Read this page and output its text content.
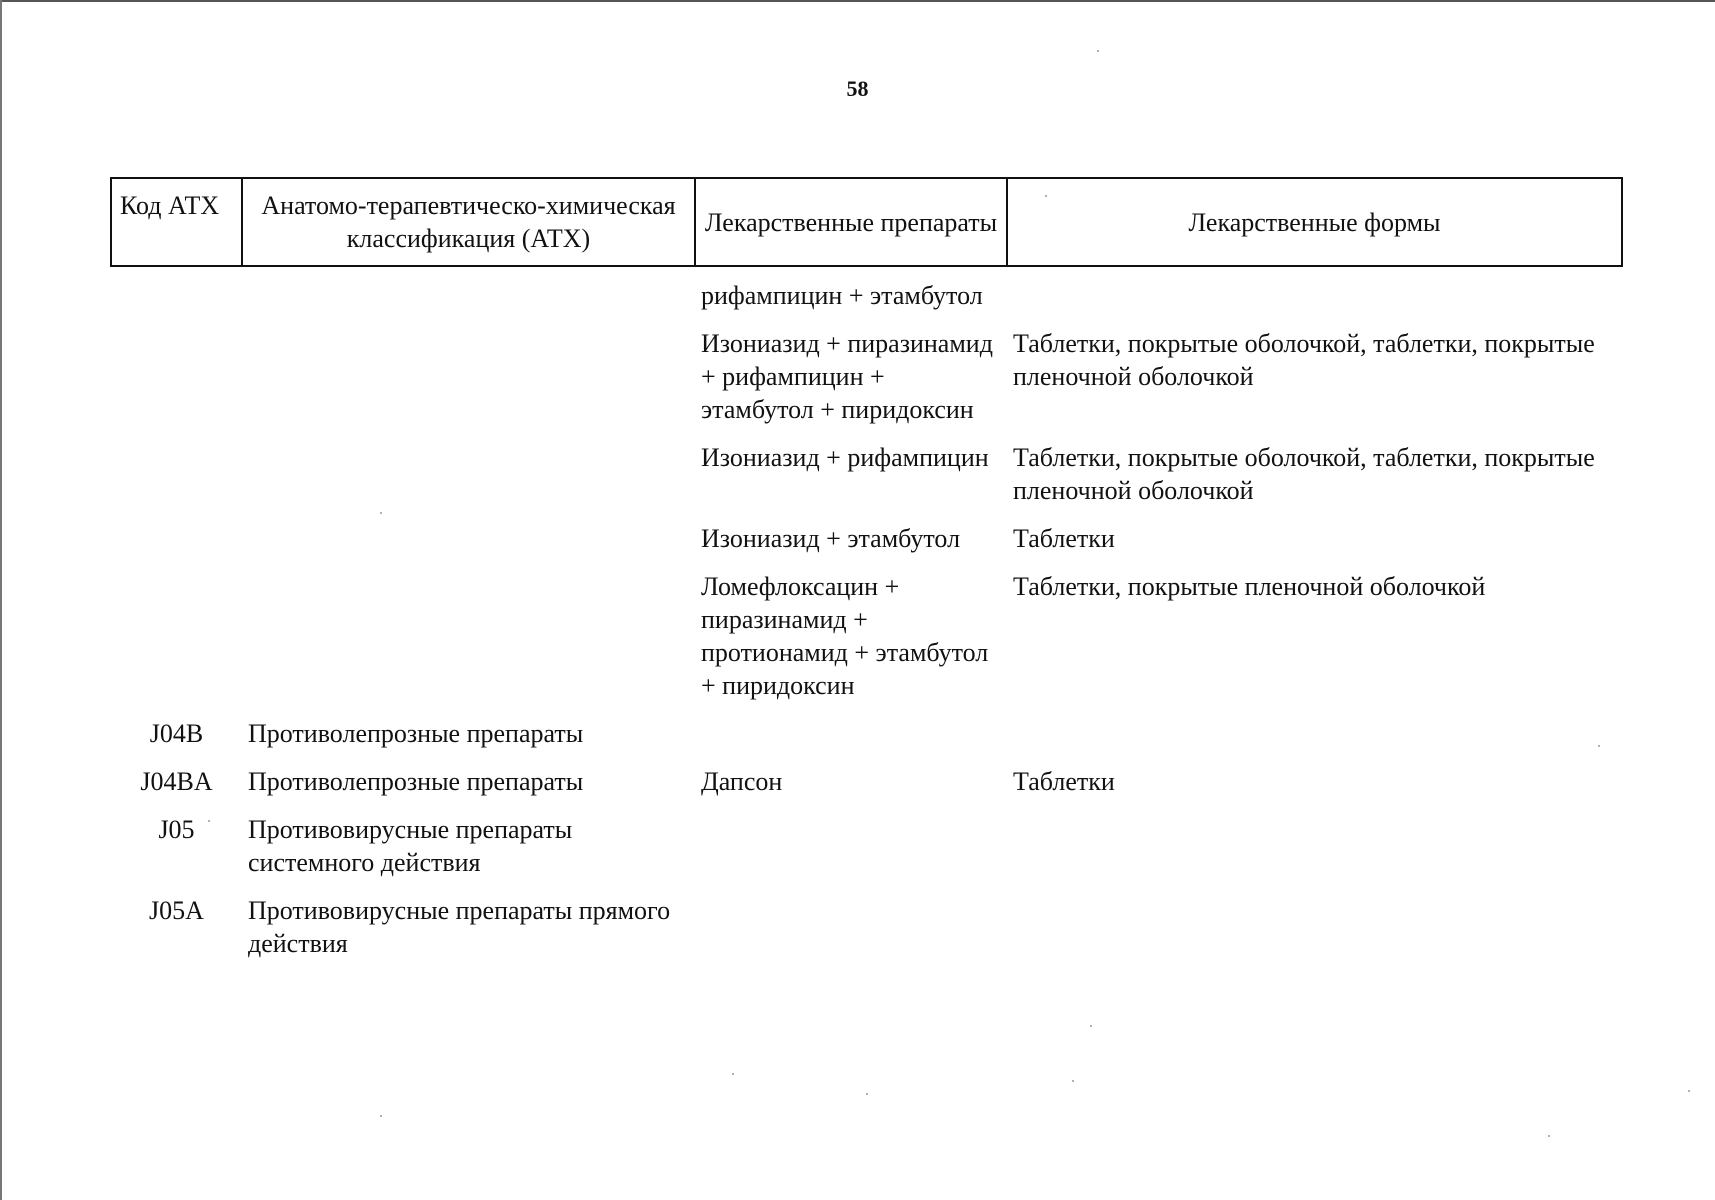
58
Код АТХ	Анатомо-терапевтическо-химическая классификация (АТХ)	Лекарственные препараты	Лекарственные формы
		рифампицин + этамбутол	
		Изониазид + пиразинамид + рифампицин + этамбутол + пиридоксин	Таблетки, покрытые оболочкой, таблетки, покрытые пленочной оболочкой
		Изониазид + рифампицин	Таблетки, покрытые оболочкой, таблетки, покрытые пленочной оболочкой
		Изониазид + этамбутол	Таблетки
		Ломефлоксацин + пиразинамид + протионамид + этамбутол + пиридоксин	Таблетки, покрытые пленочной оболочкой
J04B	Противолепрозные препараты		
J04BA	Противолепрозные препараты	Дапсон	Таблетки
J05	Противовирусные препараты системного действия		
J05A	Противовирусные препараты прямого действия		
